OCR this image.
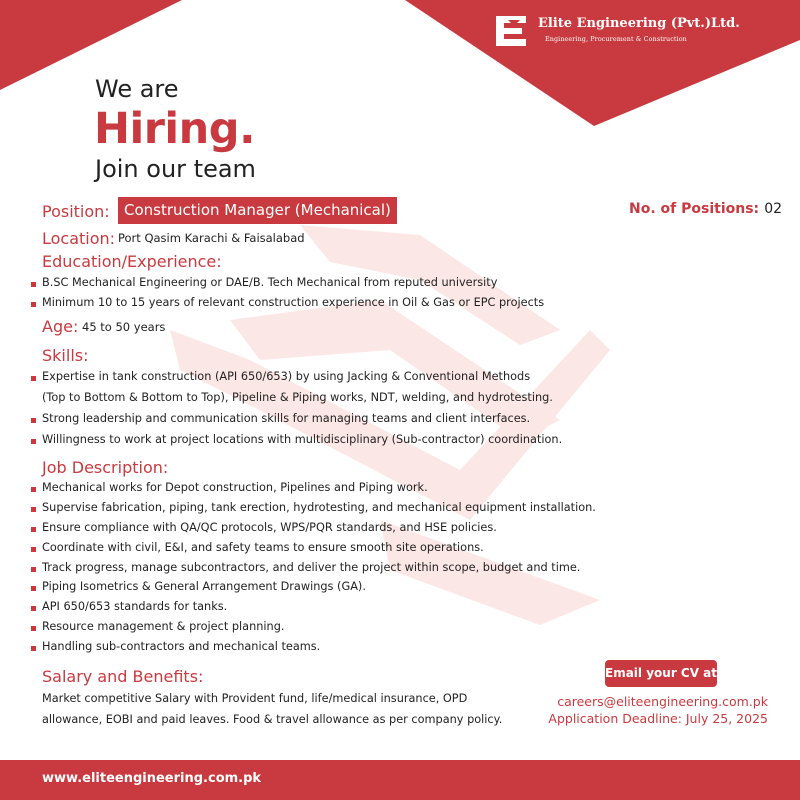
Elite Engineering (Pvt.)Ltd.
Engineering, Procurement & Construction
We are
Hiring.
Join our team
Position: Construction Manager (Mechanical)	No. of Positions: 02
Location: Port Qasim Karachi & Faisalabad
Education/Experience:
B.SC Mechanical Engineering or DAE/B. Tech Mechanical from reputed university
Minimum 10 to 15 years of relevant construction experience in Oil & Gas or EPC projects
Age: 45 to 50 years
Skills:
Expertise in tank construction (API 650/653) by using Jacking & Conventional Methods
(Top to Bottom & Bottom to Top), Pipeline & Piping works, NDT, welding, and hydrotesting.
Strong leadership and communication skills for managing teams and client interfaces.
Willingness to work at project locations with multidisciplinary (Sub-contractor) coordination.
Job Description:
Mechanical works for Depot construction, Pipelines and Piping work.
Supervise fabrication, piping, tank erection, hydrotesting, and mechanical equipment installation.
Ensure compliance with QA/QC protocols, WPS/PQR standards, and HSE policies.
Coordinate with civil, E&I, and safety teams to ensure smooth site operations.
Track progress, manage subcontractors, and deliver the project within scope, budget and time.
Piping Isometrics & General Arrangement Drawings (GA).
API 650/653 standards for tanks.
Resource management & project planning.
Handling sub-contractors and mechanical teams.
Salary and Benefits:

Market competitive Salary with Provident fund, life/medical insurance, OPD

allowance, EOBI and paid leaves. Food & travel allowance as per company policy.

Email your CV at
careers@eliteengineering.com.pk
Application Deadline: July 25, 2025
www.eliteengineering.com.pk
